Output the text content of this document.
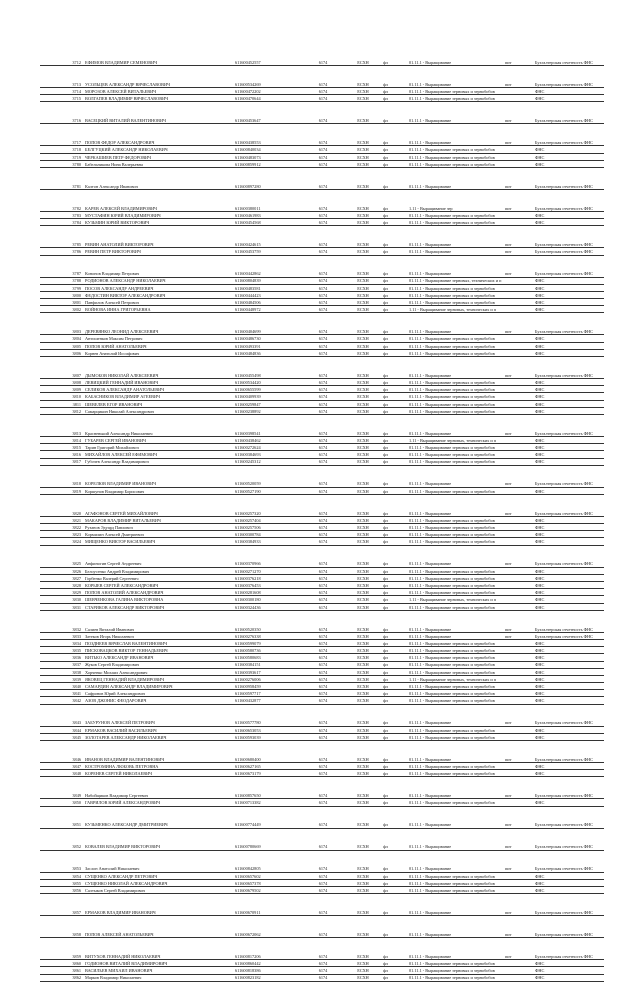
3712	ЕФИМОВ ВЛАДИМИР СЕМЕНОВИЧ	611600452557	6174	ЕСХН	фл	01.11.1 - Выращивание	пит	Бухгалтерская отчетность ФНС
3713	УСОЛЬЦЕВ АЛЕКСАНДР ВЯЧЕСЛАВОВИЧ	611600534269	6174	ЕСХН	фл	01.11.1 - Выращивание	пит	Бухгалтерская отчетность ФНС
3714	МОРОЗОВ АЛЕКСЕЙ ВИТАЛЬЕВИЧ	611600472202	6174	ЕСХН	фл	01.11.1 - Выращивание зерновых и зернобобов		ФНС
3715	ВОЛГАПЕВ ВЛАДИМИР ВЯЧЕСЛАВОВИЧ	611600470644	6174	ЕСХН	фл	01.11.1 - Выращивание зерновых и зернобобов		ФНС
3716	ВАСЕЦКИЙ ВИТАЛИЙ ВАЛЕНТИНОВИЧ	611600453647	6174	ЕСХН	фл	01.11.1 - Выращивание	пит	Бухгалтерская отчетность ФНС
3717	ПОПОВ ФЕДОР АЛЕКСАНДРОВИЧ	611600438553	6174	ЕСХН	фл	01.11.1 - Выращивание	пит	Бухгалтерская отчетность ФНС
3718	БЕЛГУЦКИЙ АЛЕКСАНДР НИКОЛАЕВИЧ	611600840034	6174	ЕСХН	фл	01.11.1 - Выращивание зерновых и зернобобов		ФНС
3719	ЧЕРКАШИЕВ ПЕТР ФЕДОРОВИЧ	611600483073	6174	ЕСХН	фл	01.11.1 - Выращивание зерновых и зернобобов		ФНС
3780	Бабельникова Нина Валерьевна	611600859912	6174	ЕСХН	фл	01.11.1 - Выращивание зерновых и зернобобов		ФНС
3781	Калтон Александр Иванович	611600897280	6174	ЕСХН	фл	01.11.1 - Выращивание	пит	Бухгалтерская отчетность ФНС
3782	КАРЕВ АЛЕКСЕЙ ВЛАДИМИРОВИЧ	611600380011	6174	ЕСХН	фл	1.11 - Выращивание зер	пит	Бухгалтерская отчетность ФНС
3783	МУСТАФИН ЮРИЙ ВЛАДИМИРОВИЧ	611600461983	6174	ЕСХН	фл	01.11.1 - Выращивание зерновых и зернобобов		ФНС
3784	КУЗЬМИН ЮРИЙ ВИКТОРОВИЧ	611600454568	6174	ЕСХН	фл	01.11.1 - Выращивание зерновых и зернобобов		ФНС
3785	РЕВИН АНАТОЛИЙ ВИКТОРОВИЧ	611600424615	6174	ЕСХН	фл	01.11.1 - Выращивание	пит	Бухгалтерская отчетность ФНС
3786	РЕВИН ПЕТР ВИКТОРОВИЧ	611600453759	6174	ЕСХН	фл	01.11.1 - Выращивание	пит	Бухгалтерская отчетность ФНС
3787	Кононов Владимир Петрович	611600442862	6174	ЕСХН	фл	01.11.1 - Выращивание	пит	Бухгалтерская отчетность ФНС
3788	РОДИОНОВ АЛЕКСАНДР НИКОЛАЕВИЧ	611600804839	6174	ЕСХН	фл	01.11.1 - Выращивание зерновых, технических и п		ФНС
3799	ПОСОВ АЛЕКСАНДР АНДРЕЕВИЧ	611600483581	6174	ЕСХН	фл	01.11.1 - Выращивание зерновых и зернобобов		ФНС
3800	ФЕДОСТИН ВИКТОР АЛЕКСАНДРОВИЧ	611600444423	6174	ЕСХН	фл	01.11.1 - Выращивание зерновых и зернобобов		ФНС
3801	Панфилов Алексей Петрович	611600484506	6174	ЕСХН	фл	01.11.1 - Выращивание зерновых и зернобобов		ФНС
3802	ВОЙНОВА ИННА ГРИГОРЬЕВНА	611600448972	6174	ЕСХН	фл	1.11 - Выращивание зерновых, технических и п		ФНС
3803	ДЕРЕВЯНКО ЛЕОНИД АЛЕКСЕЕВИЧ	611600404699	6174	ЕСХН	фл	01.11.1 - Выращивание	пит	Бухгалтерская отчетность ФНС
3804	Антошенков Максим Петрович	611600486730	6174	ЕСХН	фл	01.11.1 - Выращивание зерновых и зернобобов		ФНС
3805	ПОПОВ ЮРИЙ АНАТОЛЬЕВИЧ	611600493391	6174	ЕСХН	фл	01.11.1 - Выращивание зерновых и зернобобов		ФНС
3806	Корнев Анатолий Иосифович	611600484836	6174	ЕСХН	фл	01.11.1 - Выращивание зерновых и зернобобов		ФНС
3807	ДЫМОБОВ НИКОЛАЙ АЛЕКСЕЕВИЧ	611600455498	6174	ЕСХН	фл	01.11.1 - Выращивание	пит	Бухгалтерская отчетность ФНС
3808	ЛЕВИЦКИЙ ГЕННАДИЙ ИВАНОВИЧ	611600534420	6174	ЕСХН	фл	01.11.1 - Выращивание зерновых и зернобобов		ФНС
3809	СЕЛИКОВ АЛЕКСАНДР АНАТОЛЬЕВИЧ	611600655599	6174	ЕСХН	фл	01.11.1 - Выращивание зерновых и зернобобов		ФНС
3810	КАБАСНИКОВ ВЛАДИМИР АГЕЕВИЧ	611600409939	6174	ЕСХН	фл	01.11.1 - Выращивание зерновых и зернобобов		ФНС
3811	ШЕВЕЛЕВ ЕГОР ИВАНОВИЧ	611600259847	6174	ЕСХН	фл	01.11.1 - Выращивание зерновых и зернобобов		ФНС
3812	Самарцикин Николай Александрович	611600238892	6174	ЕСХН	фл	01.11.1 - Выращивание зерновых и зернобобов		ФНС
3813	Красненький Александр Николаевич	611600398541	6174	ЕСХН	фл	01.11.1 - Выращивание	пит	Бухгалтерская отчетность ФНС
3814	ГУБАРЕВ СЕРГЕЙ ИВАНОВИЧ	611600438462	6174	ЕСХН	фл	1.11 - Выращивание зерновых, технических и п		ФНС
3815	Тарин Григорий Михайлович	611600272624	6174	ЕСХН	фл	01.11.1 - Выращивание зерновых и зернобобов		ФНС
3816	МИХАЙЛОВ АЛЕКСЕЙ ЕФИМОВИЧ	611600384693	6174	ЕСХН	фл	01.11.1 - Выращивание зерновых и зернобобов		ФНС
3817	Губочев Александр Владимирович	611600245312	6174	ЕСХН	фл	01.11.1 - Выращивание зерновых и зернобобов		ФНС
3818	КОРЕЛЮВ ВЛАДИМИР ИВАНОВИЧ	611600520059	6174	ЕСХН	фл	01.11.1 - Выращивание	пит	Бухгалтерская отчетность ФНС
3819	Коршунов Владимир Борисович	611600527190	6174	ЕСХН	фл	01.11.1 - Выращивание зерновых и зернобобов		ФНС
3820	АГАФОНОВ СЕРГЕЙ МИХАЙЛОВИЧ	611600257320	6174	ЕСХН	фл	01.11.1 - Выращивание	пит	Бухгалтерская отчетность ФНС
3821	МАКАРОВ ВЛАДИМИР ВИТАЛЬЕВИЧ	611600257404	6174	ЕСХН	фл	01.11.1 - Выращивание зерновых и зернобобов		ФНС
3822	Рузанов Эдуард Павлович	611600257506	6174	ЕСХН	фл	01.11.1 - Выращивание зерновых и зернобобов		ФНС
3823	Кормилин Алексей Дмитриевич	611600300784	6174	ЕСХН	фл	01.11.1 - Выращивание зерновых и зернобобов		ФНС
3824	МИЩЕНКО ВИКТОР ВАСИЛЬЕВИЧ	611600384933	6174	ЕСХН	фл	01.11.1 - Выращивание зерновых и зернобобов		ФНС
3825	Анфиногин Сергей Андреевич	611600370966	6174	ЕСХН	фл	01.11.1 - Выращивание	пит	Бухгалтерская отчетность ФНС
3826	Белоусенко Андрей Владимирович	611600271270	6174	ЕСХН	фл	01.11.1 - Выращивание зерновых и зернобобов		ФНС
3827	Горбенко Валерий Сергеевич	611600376218	6174	ЕСХН	фл	01.11.1 - Выращивание зерновых и зернобобов		ФНС
3828	КОРЫЕВ СЕРГЕЙ АЛЕКСАНДРОВИЧ	611600376453	6174	ЕСХН	фл	01.11.1 - Выращивание зерновых и зернобобов		ФНС
3829	ПОПОВ АНАТОЛИЙ АЛЕКСАНДРОВИЧ	611600281608	6174	ЕСХН	фл	01.11.1 - Выращивание зерновых и зернобобов		ФНС
3830	ШЕВЧЕНКОВА ГАЛИНА ВИКТОРОВНА	611600300180	6174	ЕСХН	фл	1.11 - Выращивание зерновых, технических и п		ФНС
3831	СТАРИКОВ АЛЕКСАНДР ВИКТОРОВИЧ	611600324436	6174	ЕСХН	фл	01.11.1 - Выращивание зерновых и зернобобов		ФНС
3832	Салиев Виталий Иванович	611600520350	6174	ЕСХН	фл	01.11.1 - Выращивание	пит	Бухгалтерская отчетность ФНС
3833	Затеков Игорь Николаевич	611600276338	6174	ЕСХН	фл	01.11.1 - Выращивание	пит	Бухгалтерская отчетность ФНС
3834	ПОЗДНЕЕВ ВЯЧЕСЛАВ ВАЛЕНТИНОВИЧ	611600599079	6174	ЕСХН	фл	01.11.1 - Выращивание зерновых и зернобобов		ФНС
3835	ПИСКОВАЦКОВ ВИКТОР ГЕННАДЬЕВИЧ	611600580736	6174	ЕСХН	фл	01.11.1 - Выращивание зерновых и зернобобов		ФНС
3836	ВИТЬКО АЛЕКСАНДР ИВАНОВИЧ	611600580683	6174	ЕСХН	фл	01.11.1 - Выращивание зерновых и зернобобов		ФНС
3837	Жуков Сергей Владимирович	611600384151	6174	ЕСХН	фл	01.11.1 - Выращивание зерновых и зернобобов		ФНС
3838	Хорченко Михаил Александрович	611600393617	6174	ЕСХН	фл	01.11.1 - Выращивание зерновых и зернобобов		ФНС
3839	ЯКОВЕЦ ГЕННАДИЙ ВЛАДИМИРОВИЧ	611600276006	6174	ЕСХН	фл	1.11 - Выращивание зерновых, технических и п		ФНС
3840	САМАРДИН АЛЕКСАНДР ВЛАДИМИРОВИЧ	611600958459	6174	ЕСХН	фл	01.11.1 - Выращивание зерновых и зернобобов		ФНС
3841	Сафронов Юрий Александрович	611600597717	6174	ЕСХН	фл	01.11.1 - Выращивание зерновых и зернобобов		ФНС
3842	АЗОВ ДЖОНИС ФЕОДАРОВИЧ	611600432877	6174	ЕСХН	фл	01.11.1 - Выращивание зерновых и зернобобов		ФНС
3843	ЗАБУРУНОВ АЛЕКСЕЙ ПЕТРОВИЧ	611600577780	6174	ЕСХН	фл	01.11.1 - Выращивание	пит	Бухгалтерская отчетность ФНС
3844	ЕРМАКОВ ВАСИЛИЙ ВАСИЛЬЕВИЧ	611600653053	6174	ЕСХН	фл	01.11.1 - Выращивание зерновых и зернобобов		ФНС
3845	ЗОЛОТАРЕВ АЛЕКСАНДР НИКОЛАЕВИЧ	611600593039	6174	ЕСХН	фл	01.11.1 - Выращивание зерновых и зернобобов		ФНС
3846	ИВАНОВ ВЛАДИМИР ВАЛЕНТИНОВИЧ	611600680400	6174	ЕСХН	фл	01.11.1 - Выращивание	пит	Бухгалтерская отчетность ФНС
3847	КОСТРОМИНА ЛЮБОВЬ ПЕТРОВНА	611600627165	6174	ЕСХН	фл	01.11.1 - Выращивание зерновых и зернобобов		ФНС
3848	КОРЕНЕВ СЕРГЕЙ НИКОЛАЕВИЧ	611600673179	6174	ЕСХН	фл	01.11.1 - Выращивание зерновых и зернобобов		ФНС
3849	Набойщиков Владимир Сергеевич	611600857650	6174	ЕСХН	фл	01.11.1 - Выращивание	пит	Бухгалтерская отчетность ФНС
3850	ГАВРИЛОВ ЮРИЙ АЛЕКСАНДРОВИЧ	611600713382	6174	ЕСХН	фл	01.11.1 - Выращивание зерновых и зернобобов		ФНС
3851	КУЗЬМЕНКО АЛЕКСАНДР ДМИТРИЕВИЧ	611600774449	6174	ЕСХН	фл	01.11.1 - Выращивание	пит	Бухгалтерская отчетность ФНС
3852	КОВАЛЕВ ВЛАДИМИР ВИКТОРОВИЧ	611600780669	6174	ЕСХН	фл	01.11.1 - Выращивание	пит	Бухгалтерская отчетность ФНС
3853	Заслон Анатолий Николаевич	611600842805	6174	ЕСХН	фл	01.11.1 - Выращивание	пит	Бухгалтерская отчетность ФНС
3854	СУЩЕНКО АЛЕКСАНДР ПЕТРОВИЧ	611600657602	6174	ЕСХН	фл	01.11.1 - Выращивание зерновых и зернобобов		ФНС
3855	СУЩЕНКО НИКОЛАЙ АЛЕКСАНДРОВИЧ	611600657378	6174	ЕСХН	фл	01.11.1 - Выращивание зерновых и зернобобов		ФНС
3856	Салтыков Сергей Владимирович	611600679502	6174	ЕСХН	фл	01.11.1 - Выращивание зерновых и зернобобов		ФНС
3857	ЕРМАКОВ ВЛАДИМИР ИВАНОВИЧ	611600670911	6174	ЕСХН	фл	01.11.1 - Выращивание	пит	Бухгалтерская отчетность ФНС
3858	ПОПОВ АЛЕКСЕЙ АНАТОЛЬЕВИЧ	611600672062	6174	ЕСХН	фл	01.11.1 - Выращивание	пит	Бухгалтерская отчетность ФНС
3859	ВИТУХОВ ГЕННАДИЙ НИКОЛАЕВИЧ	611600817206	6174	ЕСХН	фл	01.11.1 - Выращивание	пит	Бухгалтерская отчетность ФНС
3860	ГОДИОНОВ ВИТАЛИЙ ВЛАДИМИРОВИЧ	611600860442	6174	ЕСХН	фл	01.11.1 - Выращивание зерновых и зернобобов		ФНС
3861	ВАСИЛЬЕВ МИХАИЛ ИВАНОВИЧ	611600818386	6174	ЕСХН	фл	01.11.1 - Выращивание зерновых и зернобобов		ФНС
3862	Марков Владимир Николаевич	611600823182	6174	ЕСХН	фл	01.11.1 - Выращивание зерновых и зернобобов		ФНС
